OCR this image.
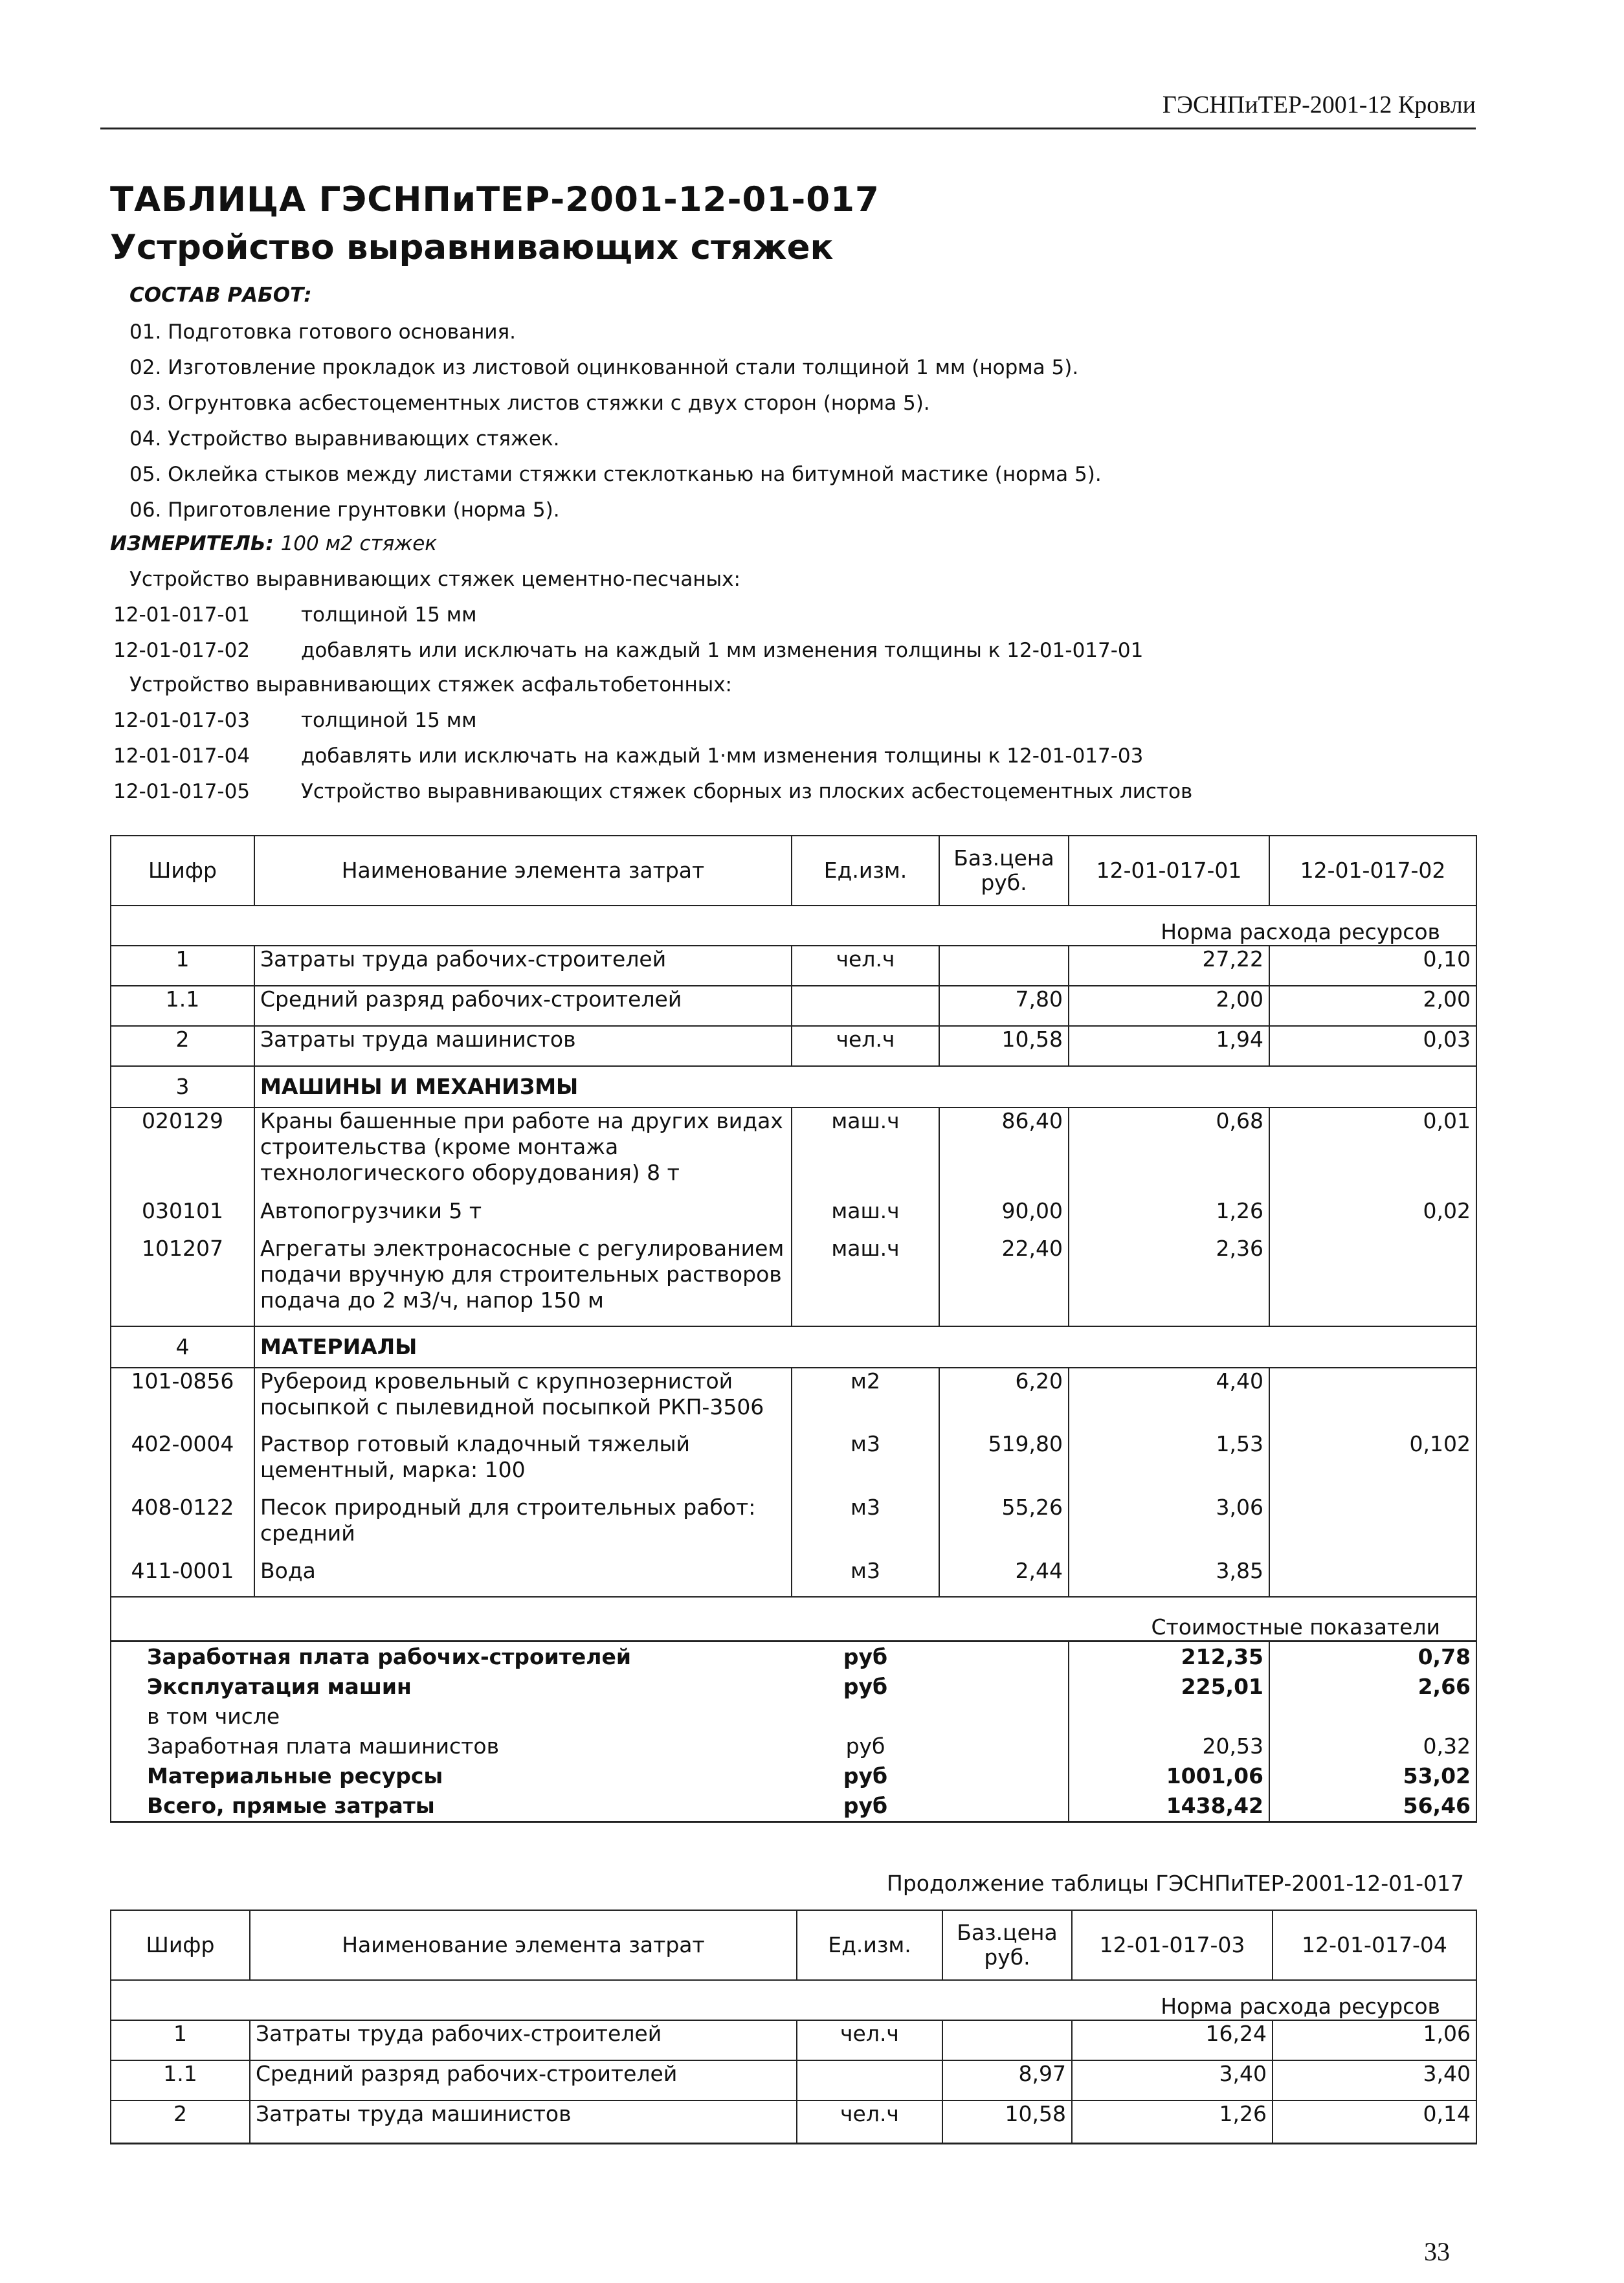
ГЭСНПиТЕР-2001-12 Кровли
ТАБЛИЦА ГЭСНПиТЕР-2001-12-01-017
Устройство выравнивающих стяжек
СОСТАВ РАБОТ:
01. Подготовка готового основания.
02. Изготовление прокладок из листовой оцинкованной стали толщиной 1 мм (норма 5).
03. Огрунтовка асбестоцементных листов стяжки с двух сторон (норма 5).
04. Устройство выравнивающих стяжек.
05. Оклейка стыков между листами стяжки стеклотканью на битумной мастике (норма 5).
06. Приготовление грунтовки (норма 5).
ИЗМЕРИТЕЛЬ: 100 м2 стяжек
Устройство выравнивающих стяжек цементно-песчаных:
12-01-017-01	толщиной 15 мм
12-01-017-02	добавлять или исключать на каждый 1 мм изменения толщины к 12-01-017-01
Устройство выравнивающих стяжек асфальтобетонных:
12-01-017-03	толщиной 15 мм
12-01-017-04	добавлять или исключать на каждый 1·мм изменения толщины к 12-01-017-03
12-01-017-05	Устройство выравнивающих стяжек сборных из плоских асбестоцементных листов
Шифр	Наименование элемента затрат	Ед.изм.	Баз.цена руб.	12-01-017-01	12-01-017-02
Норма расхода ресурсов					
1	Затраты труда рабочих-строителей	чел.ч		27,22	0,10
1.1	Средний разряд рабочих-строителей		7,80	2,00	2,00
2	Затраты труда машинистов	чел.ч	10,58	1,94	0,03
3	МАШИНЫ И МЕХАНИЗМЫ				
020129	Краны башенные при работе на других видах строительства (кроме монтажа технологического оборудования) 8 т	маш.ч	86,40	0,68	0,01
030101	Автопогрузчики 5 т	маш.ч	90,00	1,26	0,02
101207	Агрегаты электронасосные с регулированием подачи вручную для строительных растворов подача до 2 м3/ч, напор 150 м	маш.ч	22,40	2,36	
4	МАТЕРИАЛЫ				
101-0856	Рубероид кровельный с крупнозернистой посыпкой с пылевидной посыпкой РКП-3506	м2	6,20	4,40	
402-0004	Раствор готовый кладочный тяжелый цементный, марка: 100	м3	519,80	1,53	0,102
408-0122	Песок природный для строительных работ: средний	м3	55,26	3,06	
411-0001	Вода	м3	2,44	3,85	
Стоимостные показатели					
Заработная плата рабочих-строителей		руб		212,35	0,78
Эксплуатация машин		руб		225,01	2,66
в том числе					
Заработная плата машинистов		руб		20,53	0,32
Материальные ресурсы		руб		1001,06	53,02
Всего, прямые затраты		руб		1438,42	56,46
Продолжение таблицы ГЭСНПиТЕР-2001-12-01-017
Шифр	Наименование элемента затрат	Ед.изм.	Баз.цена руб.	12-01-017-03	12-01-017-04
Норма расхода ресурсов					
1	Затраты труда рабочих-строителей	чел.ч		16,24	1,06
1.1	Средний разряд рабочих-строителей		8,97	3,40	3,40
2	Затраты труда машинистов	чел.ч	10,58	1,26	0,14
33
